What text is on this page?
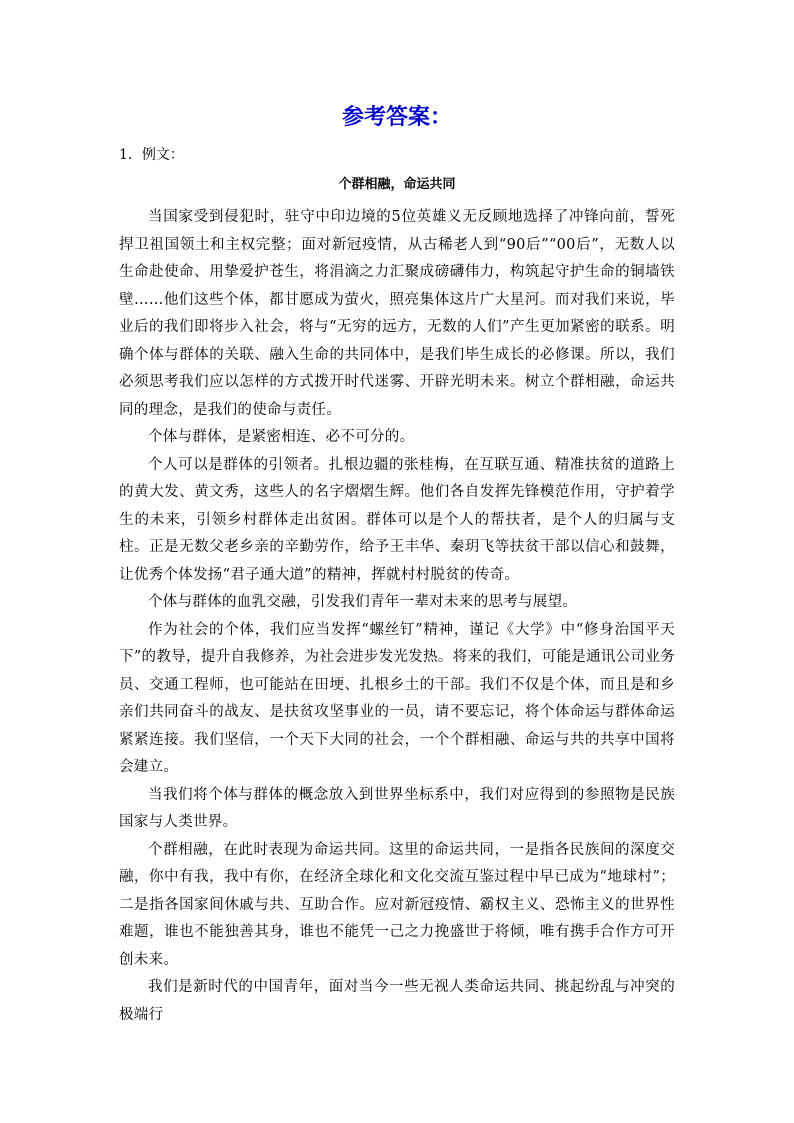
参考答案：
1．例文：
个群相融，命运共同

当国家受到侵犯时，驻守中印边境的5位英雄义无反顾地选择了冲锋向前，誓死捍卫祖国领土和主权完整；面对新冠疫情，从古稀老人到“90后”“00后”，无数人以生命赴使命、用挚爱护苍生，将涓滴之力汇聚成磅礴伟力，构筑起守护生命的铜墙铁壁……他们这些个体，都甘愿成为萤火，照亮集体这片广大星河。而对我们来说，毕业后的我们即将步入社会，将与“无穷的远方，无数的人们”产生更加紧密的联系。明确个体与群体的关联、融入生命的共同体中，是我们毕生成长的必修课。所以，我们必须思考我们应以怎样的方式拨开时代迷雾、开辟光明未来。树立个群相融，命运共同的理念，是我们的使命与责任。

个体与群体，是紧密相连、必不可分的。

个人可以是群体的引领者。扎根边疆的张桂梅，在互联互通、精准扶贫的道路上的黄大发、黄文秀，这些人的名字熠熠生辉。他们各自发挥先锋模范作用，守护着学生的未来，引领乡村群体走出贫困。群体可以是个人的帮扶者，是个人的归属与支柱。正是无数父老乡亲的辛勤劳作，给予王丰华、秦玥飞等扶贫干部以信心和鼓舞，让优秀个体发扬“君子通大道”的精神，挥就村村脱贫的传奇。

个体与群体的血乳交融，引发我们青年一辈对未来的思考与展望。

作为社会的个体，我们应当发挥“螺丝钉”精神，谨记《大学》中“修身治国平天下”的教导，提升自我修养，为社会进步发光发热。将来的我们，可能是通讯公司业务员、交通工程师，也可能站在田埂、扎根乡土的干部。我们不仅是个体，而且是和乡亲们共同奋斗的战友、是扶贫攻坚事业的一员，请不要忘记，将个体命运与群体命运紧紧连接。我们坚信，一个天下大同的社会，一个个群相融、命运与共的共享中国将会建立。

当我们将个体与群体的概念放入到世界坐标系中，我们对应得到的参照物是民族国家与人类世界。

个群相融，在此时表现为命运共同。这里的命运共同，一是指各民族间的深度交融，你中有我，我中有你，在经济全球化和文化交流互鉴过程中早已成为“地球村”；二是指各国家间休戚与共、互助合作。应对新冠疫情、霸权主义、恐怖主义的世界性难题，谁也不能独善其身，谁也不能凭一己之力挽盛世于将倾，唯有携手合作方可开创未来。

我们是新时代的中国青年，面对当今一些无视人类命运共同、挑起纷乱与冲突的极端行
